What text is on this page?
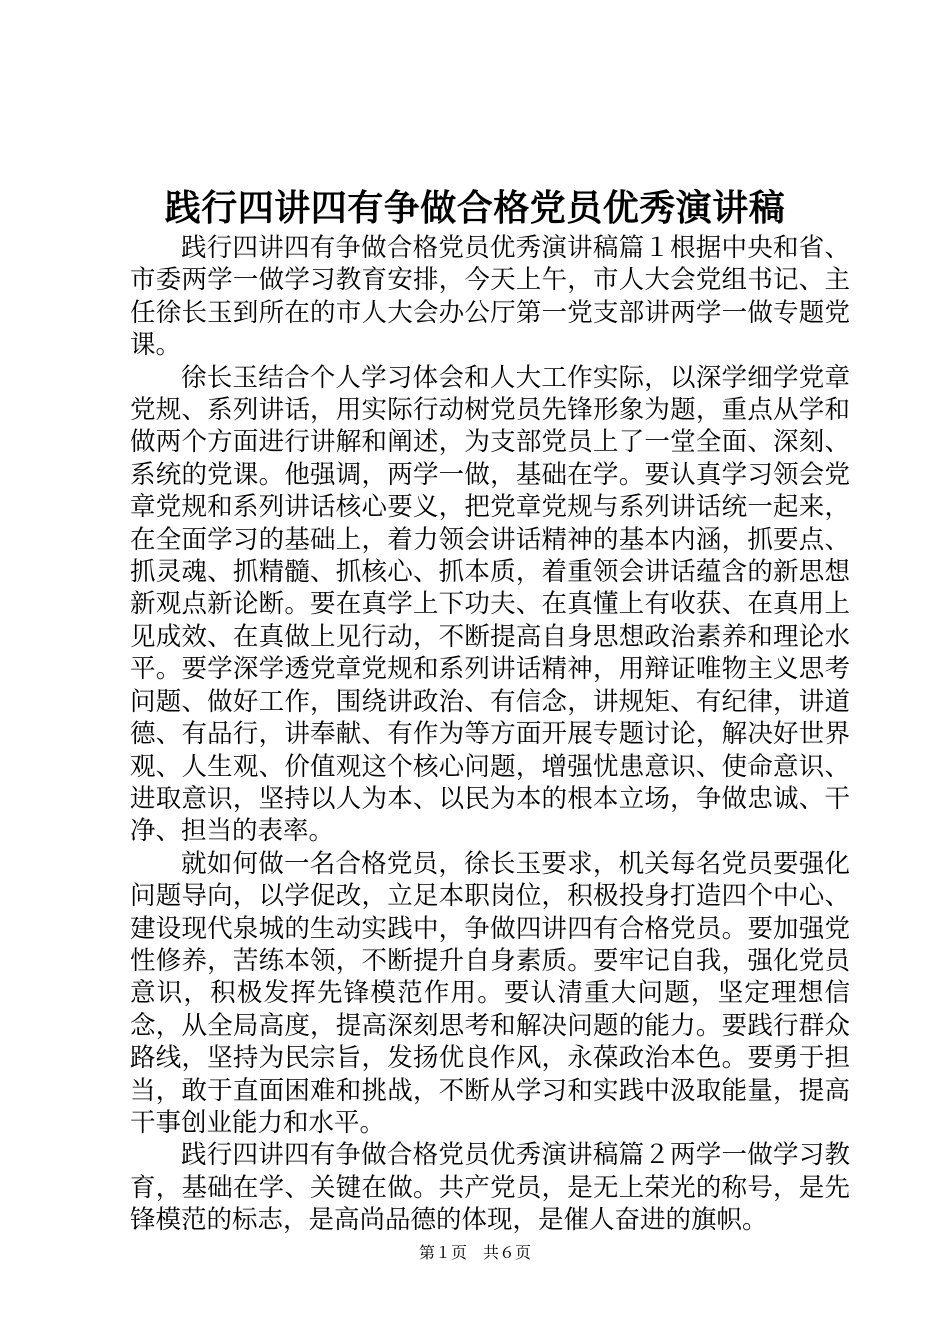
践行四讲四有争做合格党员优秀演讲稿

践行四讲四有争做合格党员优秀演讲稿篇１根据中央和省、市委两学一做学习教育安排，今天上午，市人大会党组书记、主任徐长玉到所在的市人大会办公厅第一党支部讲两学一做专题党课。

徐长玉结合个人学习体会和人大工作实际，以深学细学党章党规、系列讲话，用实际行动树党员先锋形象为题，重点从学和做两个方面进行讲解和阐述，为支部党员上了一堂全面、深刻、系统的党课。他强调，两学一做，基础在学。要认真学习领会党章党规和系列讲话核心要义，把党章党规与系列讲话统一起来，在全面学习的基础上，着力领会讲话精神的基本内涵，抓要点、抓灵魂、抓精髓、抓核心、抓本质，着重领会讲话蕴含的新思想新观点新论断。要在真学上下功夫、在真懂上有收获、在真用上见成效、在真做上见行动，不断提高自身思想政治素养和理论水平。要学深学透党章党规和系列讲话精神，用辩证唯物主义思考问题、做好工作，围绕讲政治、有信念，讲规矩、有纪律，讲道德、有品行，讲奉献、有作为等方面开展专题讨论，解决好世界观、人生观、价值观这个核心问题，增强忧患意识、使命意识、进取意识，坚持以人为本、以民为本的根本立场，争做忠诚、干净、担当的表率。

就如何做一名合格党员，徐长玉要求，机关每名党员要强化问题导向，以学促改，立足本职岗位，积极投身打造四个中心、建设现代泉城的生动实践中，争做四讲四有合格党员。要加强党性修养，苦练本领，不断提升自身素质。要牢记自我，强化党员意识，积极发挥先锋模范作用。要认清重大问题，坚定理想信念，从全局高度，提高深刻思考和解决问题的能力。要践行群众路线，坚持为民宗旨，发扬优良作风，永葆政治本色。要勇于担当，敢于直面困难和挑战，不断从学习和实践中汲取能量，提高干事创业能力和水平。

践行四讲四有争做合格党员优秀演讲稿篇２两学一做学习教育，基础在学、关键在做。共产党员，是无上荣光的称号，是先锋模范的标志，是高尚品德的体现，是催人奋进的旗帜。

第１页　共６页
